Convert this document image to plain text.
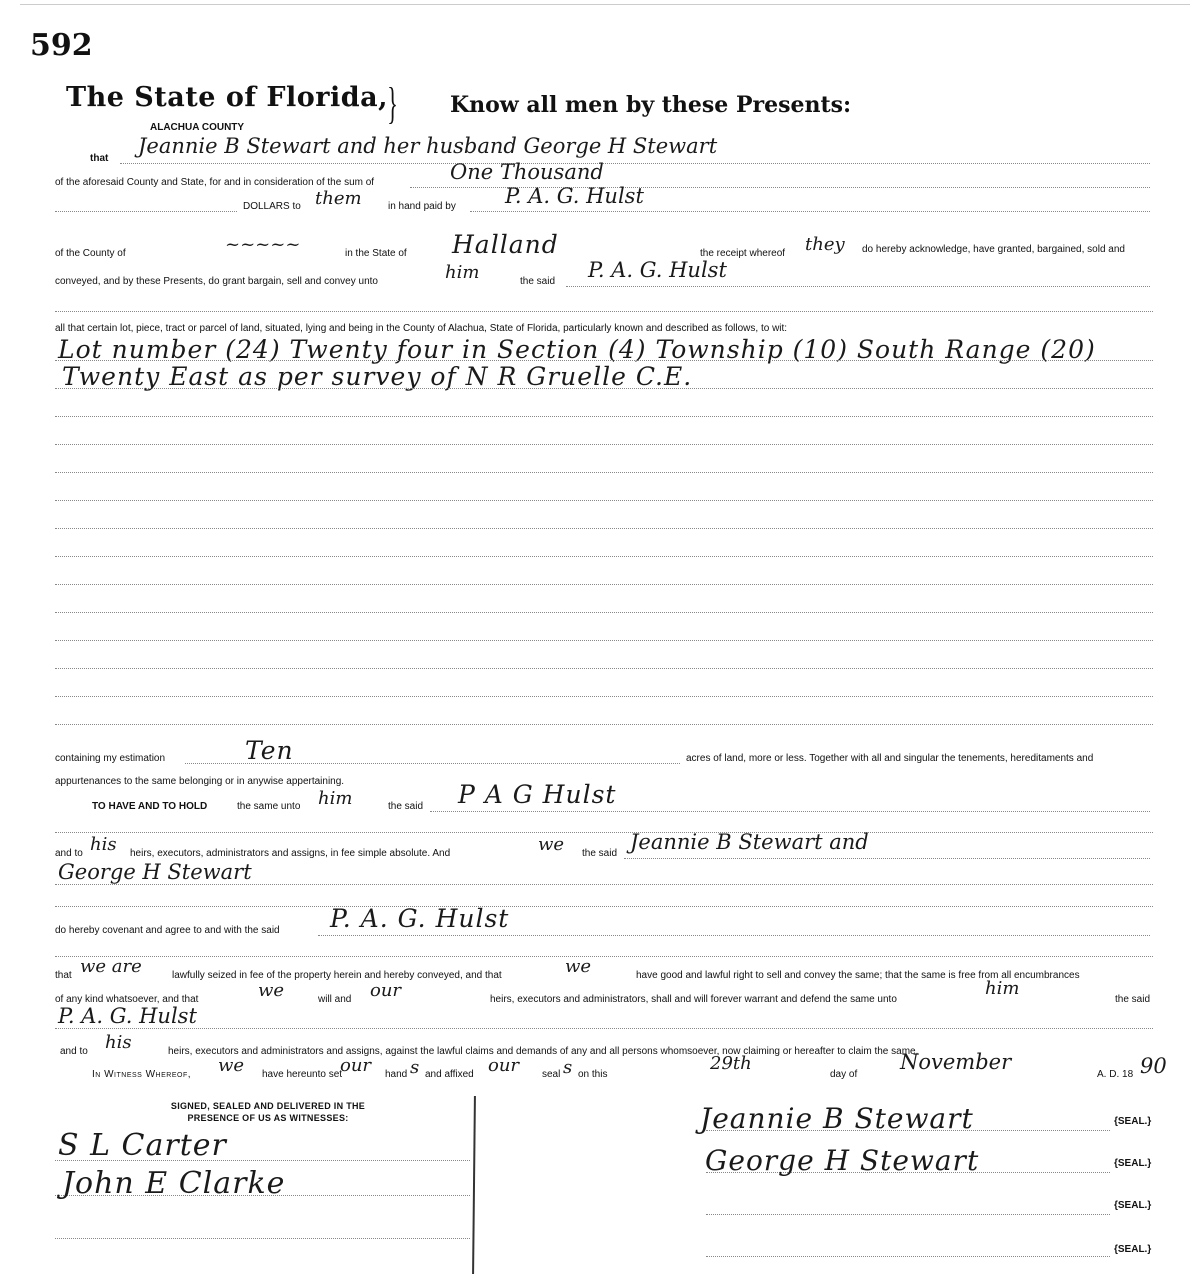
592
The State of Florida, } Know all men by these Presents:
ALACHUA COUNTY
that
Jeannie B Stewart and her husband George H Stewart
of the aforesaid County and State, for and in consideration of the sum of	One Thousand
DOLLARS to them	in hand paid by P. A. G. Hulst
of the County of	~~~~~	in the State of Halland	the receipt whereof they do hereby acknowledge, have granted, bargained, sold and
conveyed, and by these Presents, do grant bargain, sell and convey unto	him	the said P. A. G. Hulst
all that certain lot, piece, tract or parcel of land, situated, lying and being in the County of Alachua, State of Florida, particularly known and described as follows, to wit:
Lot number (24) Twenty four in Section (4) Township (10) South Range (20)
Twenty East as per survey of N R Gruelle C.E.
containing my estimation	Ten	acres of land, more or less. Together with all and singular the tenements, hereditaments and
appurtenances to the same belonging or in anywise appertaining.
TO HAVE AND TO HOLD	the same unto him	the said P A G Hulst
and to his heirs, executors, administrators and assigns, in fee simple absolute. And	we the said Jeannie B Stewart and
George H Stewart
do hereby covenant and agree to and with the said P. A. G. Hulst
that we are	lawfully seized in fee of the property herein and hereby conveyed, and that	we	have good and lawful right to sell and convey the same; that the same is free from all encumbrances
of any kind whatsoever, and that	we	will and our	heirs, executors and administrators, shall and will forever warrant and defend the same unto
him
the said
P. A. G. Hulst
and to his	heirs, executors and administrators and assigns, against the lawful claims and demands of any and all persons whomsoever, now claiming or hereafter to claim the same.
In Witness Whereof, we have hereunto set
our hand s and affixed our seal s on this
29th
day of
November
A. D. 18 90
SIGNED, SEALED AND DELIVERED IN THE PRESENCE OF US AS WITNESSES:
S L Carter
John E Clarke
Jeannie B Stewart	{SEAL.}
George H Stewart	{SEAL.}
{SEAL.}
{SEAL.}
